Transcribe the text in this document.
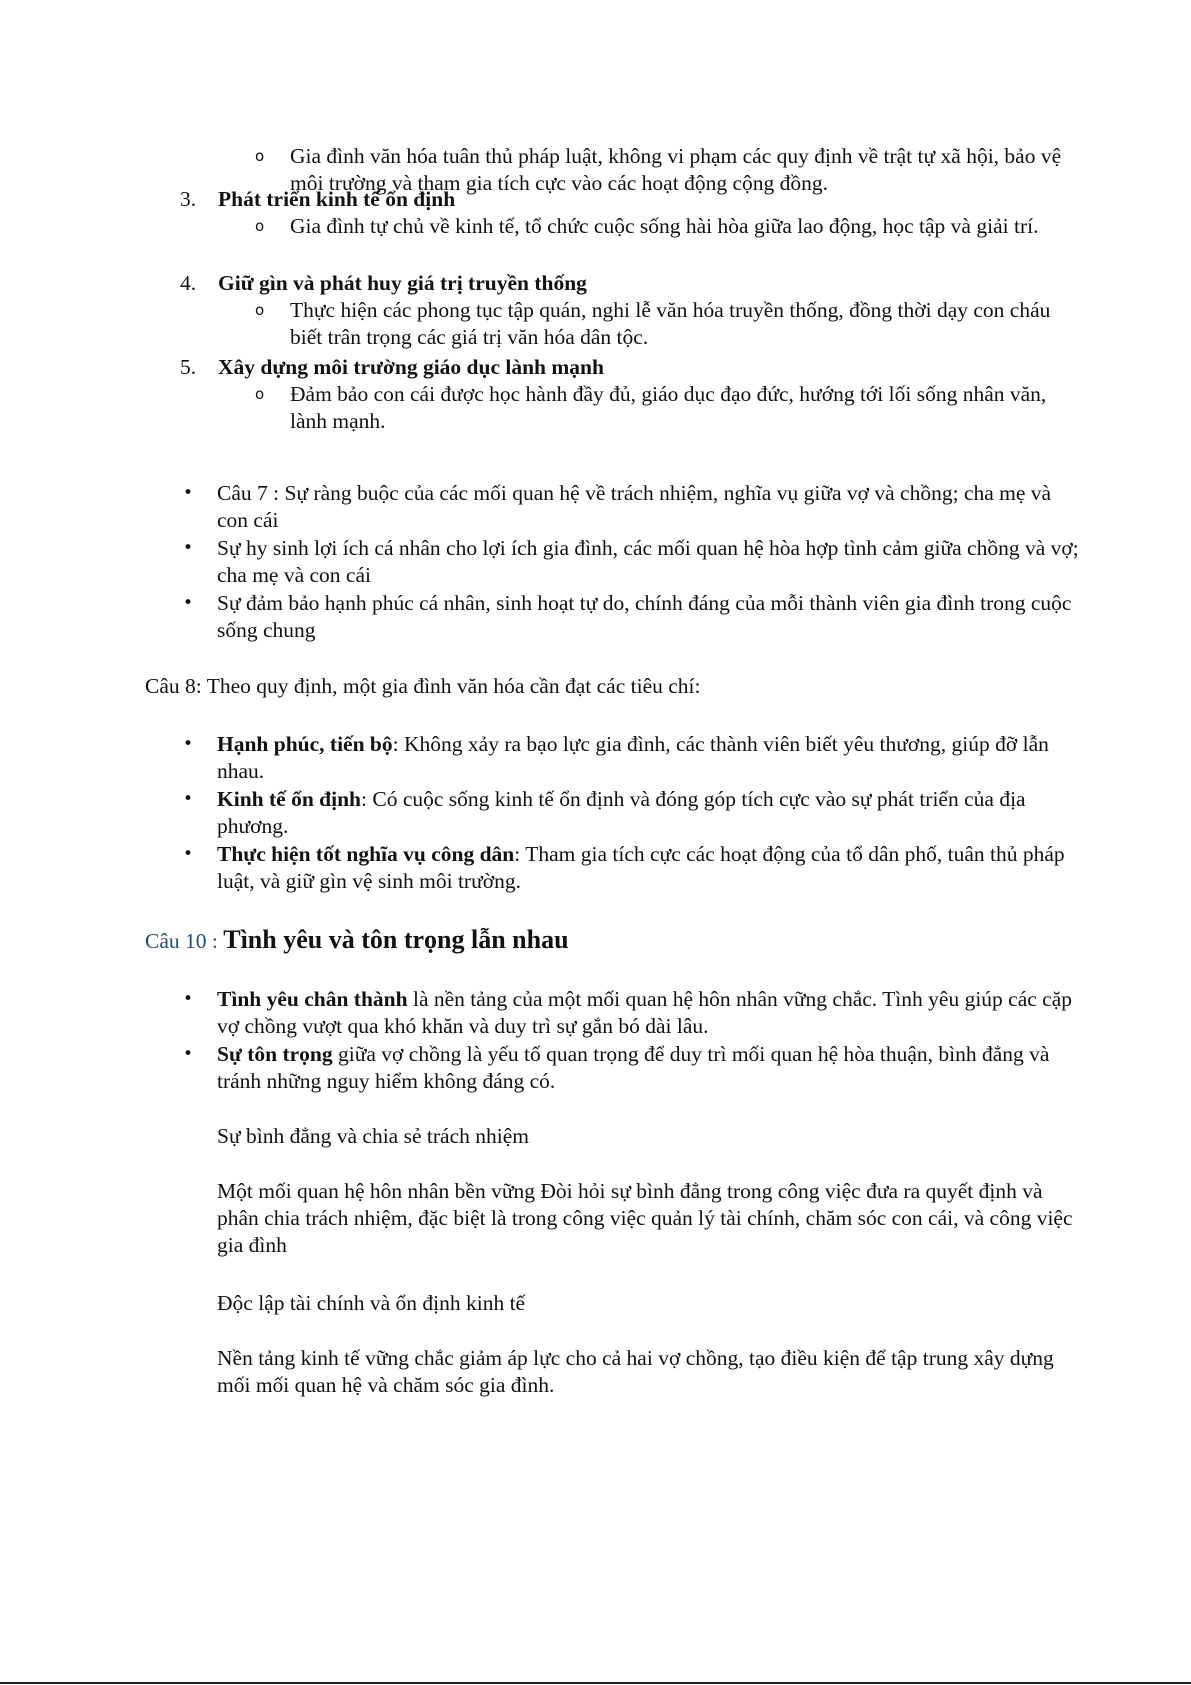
o Gia đình văn hóa tuân thủ pháp luật, không vi phạm các quy định về trật tự xã hội, bảo vệ môi trường và tham gia tích cực vào các hoạt động cộng đồng.
3. Phát triển kinh tế ổn định
o Gia đình tự chủ về kinh tế, tổ chức cuộc sống hài hòa giữa lao động, học tập và giải trí.
4. Giữ gìn và phát huy giá trị truyền thống
o Thực hiện các phong tục tập quán, nghi lễ văn hóa truyền thống, đồng thời dạy con cháu biết trân trọng các giá trị văn hóa dân tộc.
5. Xây dựng môi trường giáo dục lành mạnh
o Đảm bảo con cái được học hành đầy đủ, giáo dục đạo đức, hướng tới lối sống nhân văn, lành mạnh.
• Câu 7 : Sự ràng buộc của các mối quan hệ về trách nhiệm, nghĩa vụ giữa vợ và chồng; cha mẹ và con cái
• Sự hy sinh lợi ích cá nhân cho lợi ích gia đình, các mối quan hệ hòa hợp tình cảm giữa chồng và vợ; cha mẹ và con cái
• Sự đảm bảo hạnh phúc cá nhân, sinh hoạt tự do, chính đáng của mỗi thành viên gia đình trong cuộc sống chung
Câu 8: Theo quy định, một gia đình văn hóa cần đạt các tiêu chí:
• Hạnh phúc, tiến bộ: Không xảy ra bạo lực gia đình, các thành viên biết yêu thương, giúp đỡ lẫn nhau.
• Kinh tế ổn định: Có cuộc sống kinh tế ổn định và đóng góp tích cực vào sự phát triển của địa phương.
• Thực hiện tốt nghĩa vụ công dân: Tham gia tích cực các hoạt động của tổ dân phố, tuân thủ pháp luật, và giữ gìn vệ sinh môi trường.
Câu 10 : Tình yêu và tôn trọng lẫn nhau
• Tình yêu chân thành là nền tảng của một mối quan hệ hôn nhân vững chắc. Tình yêu giúp các cặp vợ chồng vượt qua khó khăn và duy trì sự gắn bó dài lâu.
• Sự tôn trọng giữa vợ chồng là yếu tố quan trọng để duy trì mối quan hệ hòa thuận, bình đẳng và tránh những nguy hiểm không đáng có.
Sự bình đẳng và chia sẻ trách nhiệm
Một mối quan hệ hôn nhân bền vững Đòi hỏi sự bình đẳng trong công việc đưa ra quyết định và phân chia trách nhiệm, đặc biệt là trong công việc quản lý tài chính, chăm sóc con cái, và công việc gia đình
Độc lập tài chính và ổn định kinh tế
Nền tảng kinh tế vững chắc giảm áp lực cho cả hai vợ chồng, tạo điều kiện để tập trung xây dựng mối mối quan hệ và chăm sóc gia đình.
